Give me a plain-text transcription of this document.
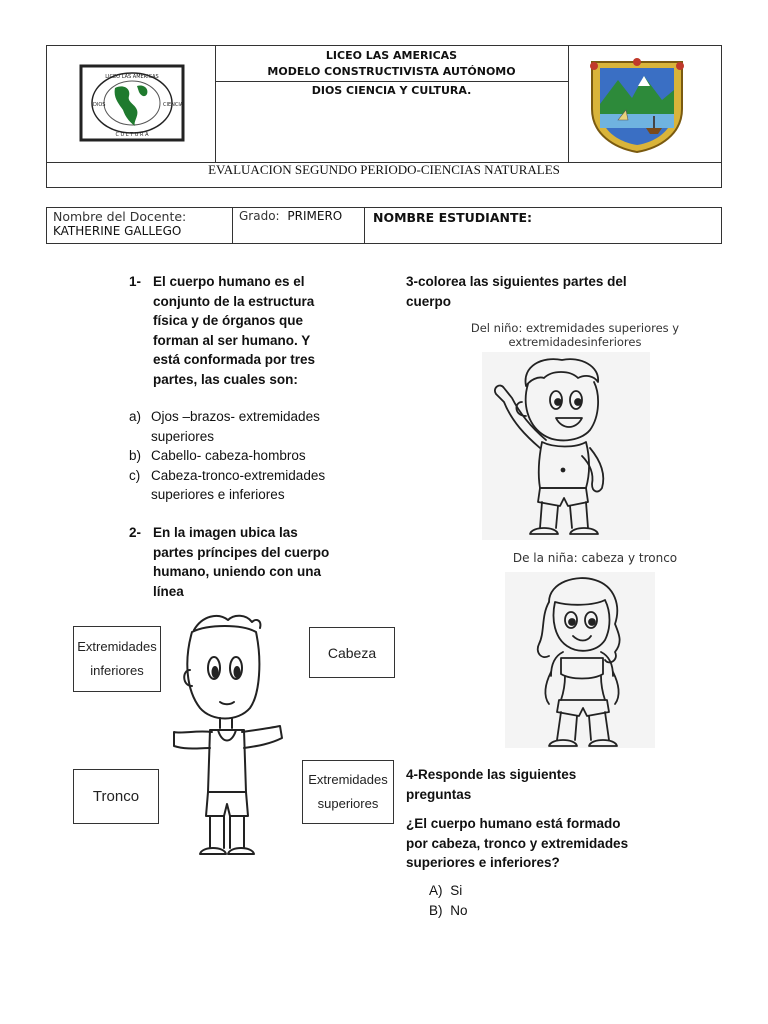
LICEO LAS AMERICAS
MODELO CONSTRUCTIVISTA AUTÓNOMO
DIOS CIENCIA Y CULTURA.
LICEO LAS AMERICAS
C U L T U R A
DIOS	CIENCIA
EVALUACION SEGUNDO PERIODO-CIENCIAS NATURALES
Nombre del Docente:
KATHERINE GALLEGO
Grado: PRIMERO	NOMBRE ESTUDIANTE:
1- El cuerpo humano es el
conjunto de la estructura
física y de órganos que
forman al ser humano. Y
está conformada por tres
partes, las cuales son:
a) Ojos –brazos- extremidades
superiores
b) Cabello- cabeza-hombros
c) Cabeza-tronco-extremidades
superiores e inferiores
2- En la imagen ubica las
partes príncipes del cuerpo
humano, uniendo con una
línea
Extremidades
inferiores
Cabeza
Tronco
Extremidades
superiores
3-colorea las siguientes partes del
cuerpo
Del niño: extremidades superiores y
extremidadesinferiores
De la niña: cabeza y tronco
4-Responde las siguientes
preguntas
¿El cuerpo humano está formado
por cabeza, tronco y extremidades
superiores e inferiores?
A) Si
B) No
